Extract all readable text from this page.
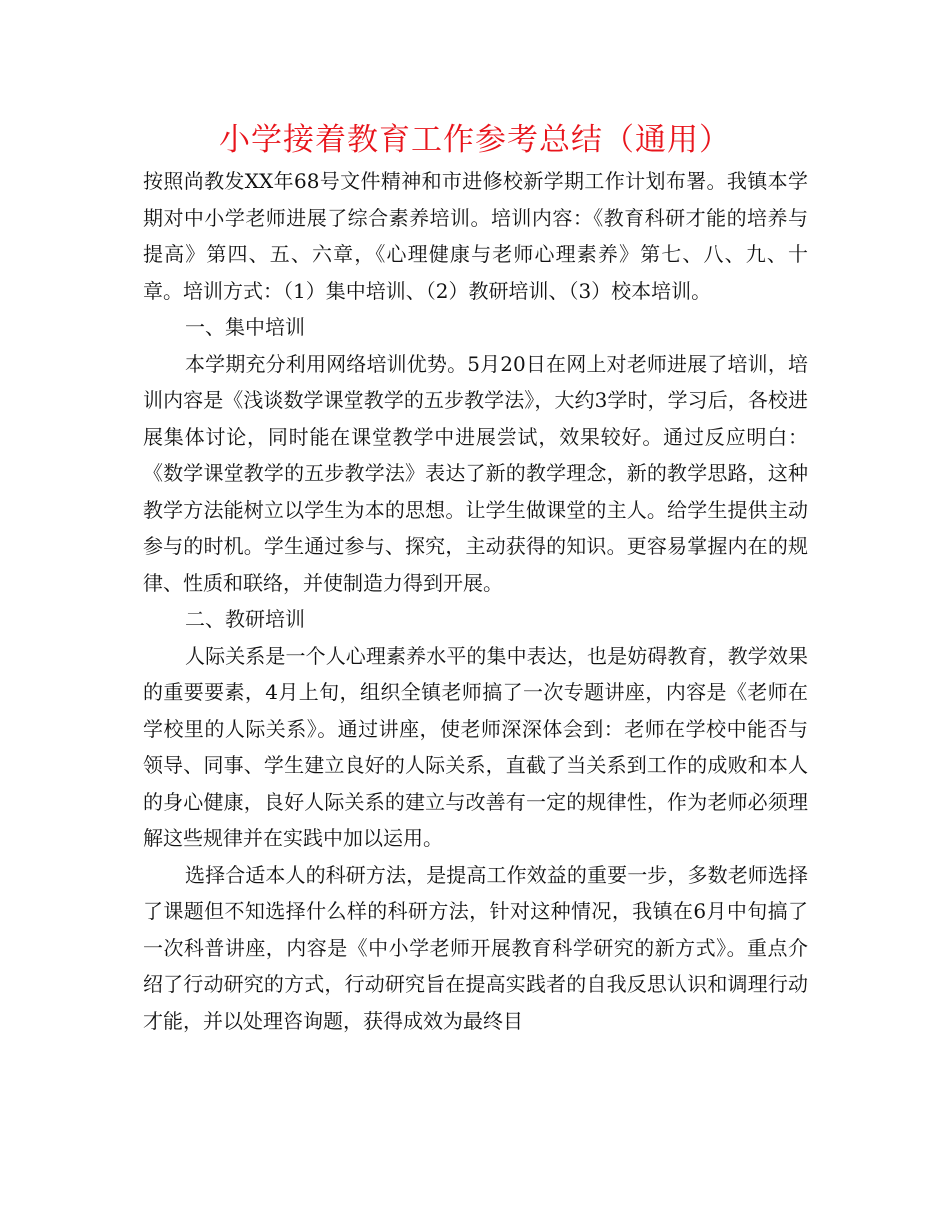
小学接着教育工作参考总结（通用）

按照尚教发XX年68号文件精神和市进修校新学期工作计划布署。我镇本学期对中小学老师进展了综合素养培训。培训内容：《教育科研才能的培养与提高》第四、五、六章，《心理健康与老师心理素养》第七、八、九、十章。培训方式：（1）集中培训、（2）教研培训、（3）校本培训。

一、集中培训

本学期充分利用网络培训优势。5月20日在网上对老师进展了培训，培训内容是《浅谈数学课堂教学的五步教学法》，大约3学时，学习后，各校进展集体讨论，同时能在课堂教学中进展尝试，效果较好。通过反应明白：《数学课堂教学的五步教学法》表达了新的教学理念，新的教学思路，这种教学方法能树立以学生为本的思想。让学生做课堂的主人。给学生提供主动参与的时机。学生通过参与、探究，主动获得的知识。更容易掌握内在的规律、性质和联络，并使制造力得到开展。

二、教研培训

人际关系是一个人心理素养水平的集中表达，也是妨碍教育，教学效果的重要要素，4月上旬，组织全镇老师搞了一次专题讲座，内容是《老师在学校里的人际关系》。通过讲座，使老师深深体会到：老师在学校中能否与领导、同事、学生建立良好的人际关系，直截了当关系到工作的成败和本人的身心健康，良好人际关系的建立与改善有一定的规律性，作为老师必须理解这些规律并在实践中加以运用。

选择合适本人的科研方法，是提高工作效益的重要一步，多数老师选择了课题但不知选择什么样的科研方法，针对这种情况，我镇在6月中旬搞了一次科普讲座，内容是《中小学老师开展教育科学研究的新方式》。重点介绍了行动研究的方式，行动研究旨在提高实践者的自我反思认识和调理行动才能，并以处理咨询题，获得成效为最终目
